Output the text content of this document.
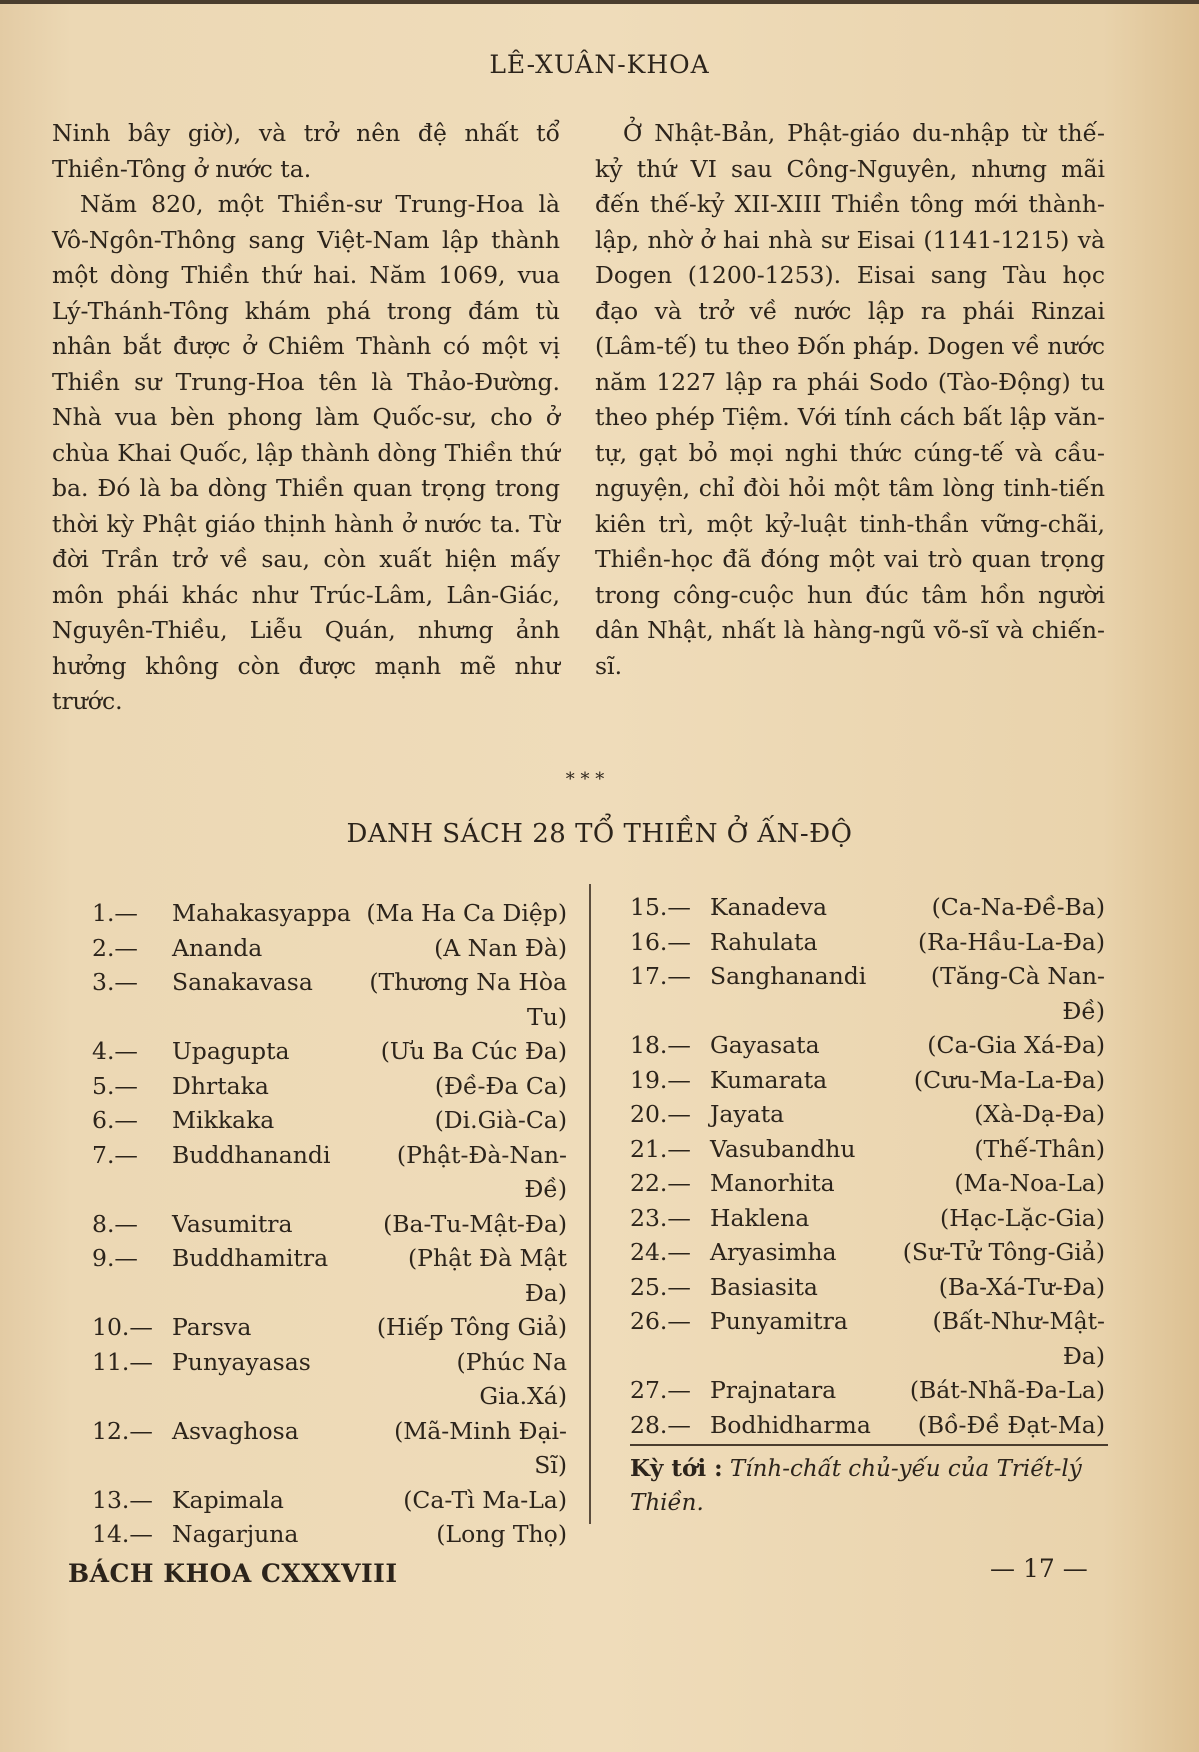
LÊ-XUÂN-KHOA

Ninh bây giờ), và trở nên đệ nhất tổ Thiền-Tông ở nước ta.

Năm 820, một Thiền-sư Trung-Hoa là Vô-Ngôn-Thông sang Việt-Nam lập thành một dòng Thiền thứ hai. Năm 1069, vua Lý-Thánh-Tông khám phá trong đám tù nhân bắt được ở Chiêm Thành có một vị Thiền sư Trung-Hoa tên là Thảo-Đường. Nhà vua bèn phong làm Quốc-sư, cho ở chùa Khai Quốc, lập thành dòng Thiền thứ ba. Đó là ba dòng Thiền quan trọng trong thời kỳ Phật giáo thịnh hành ở nước ta. Từ đời Trần trở về sau, còn xuất hiện mấy môn phái khác như Trúc-Lâm, Lân-Giác, Nguyên-Thiều, Liễu Quán, nhưng ảnh hưởng không còn được mạnh mẽ như trước.

Ở Nhật-Bản, Phật-giáo du-nhập từ thế-kỷ thứ VI sau Công-Nguyên, nhưng mãi đến thế-kỷ XII-XIII Thiền tông mới thành-lập, nhờ ở hai nhà sư Eisai (1141-1215) và Dogen (1200-1253). Eisai sang Tàu học đạo và trở về nước lập ra phái Rinzai (Lâm-tế) tu theo Đốn pháp. Dogen về nước năm 1227 lập ra phái Sodo (Tào-Động) tu theo phép Tiệm. Với tính cách bất lập văn-tự, gạt bỏ mọi nghi thức cúng-tế và cầu-nguyện, chỉ đòi hỏi một tâm lòng tinh-tiến kiên trì, một kỷ-luật tinh-thần vững-chãi, Thiền-học đã đóng một vai trò quan trọng trong công-cuộc hun đúc tâm hồn người dân Nhật, nhất là hàng-ngũ võ-sĩ và chiến-sĩ.

* * *
DANH SÁCH 28 TỔ THIỀN Ở ẤN-ĐỘ
1.—	Mahakasyappa (Ma Ha Ca Diệp)
2.—	Ananda	(A Nan Đà)
3.—	Sanakavasa	(Thương Na Hòa Tu)
4.—	Upagupta	(Ưu Ba Cúc Đa)
5.—	Dhrtaka	(Đề-Đa Ca)
6.—	Mikkaka	(Di.Già-Ca)
7.—	Buddhanandi	(Phật-Đà-Nan-Đề)
8.—	Vasumitra	(Ba-Tu-Mật-Đa)
9.—	Buddhamitra	(Phật Đà Mật Đa)
10.— Parsva	(Hiếp Tông Giả)
11.— Punyayasas	(Phúc Na Gia.Xá)
12.— Asvaghosa	(Mã-Minh Đại-Sĩ)
13.— Kapimala	(Ca-Tì Ma-La)
14.— Nagarjuna	(Long Thọ)
15.— Kanadeva	(Ca-Na-Đề-Ba)
16.— Rahulata	(Ra-Hầu-La-Đa)
17.— Sanghanandi	(Tăng-Cà Nan-Đề)
18.— Gayasata	(Ca-Gia Xá-Đa)
19.— Kumarata	(Cưu-Ma-La-Đa)
20.— Jayata	(Xà-Dạ-Đa)
21.— Vasubandhu	(Thế-Thân)
22.— Manorhita	(Ma-Noa-La)
23.— Haklena	(Hạc-Lặc-Gia)
24.— Aryasimha	(Sư-Tử Tông-Giả)
25.— Basiasita	(Ba-Xá-Tư-Đa)
26.— Punyamitra	(Bất-Như-Mật-Đa)
27.— Prajnatara	(Bát-Nhã-Đa-La)
28.— Bodhidharma	(Bồ-Đề Đạt-Ma)
Kỳ tới : Tính-chất chủ-yếu của Triết-lý Thiền.
BÁCH KHOA CXXXVIII	— 17 —
